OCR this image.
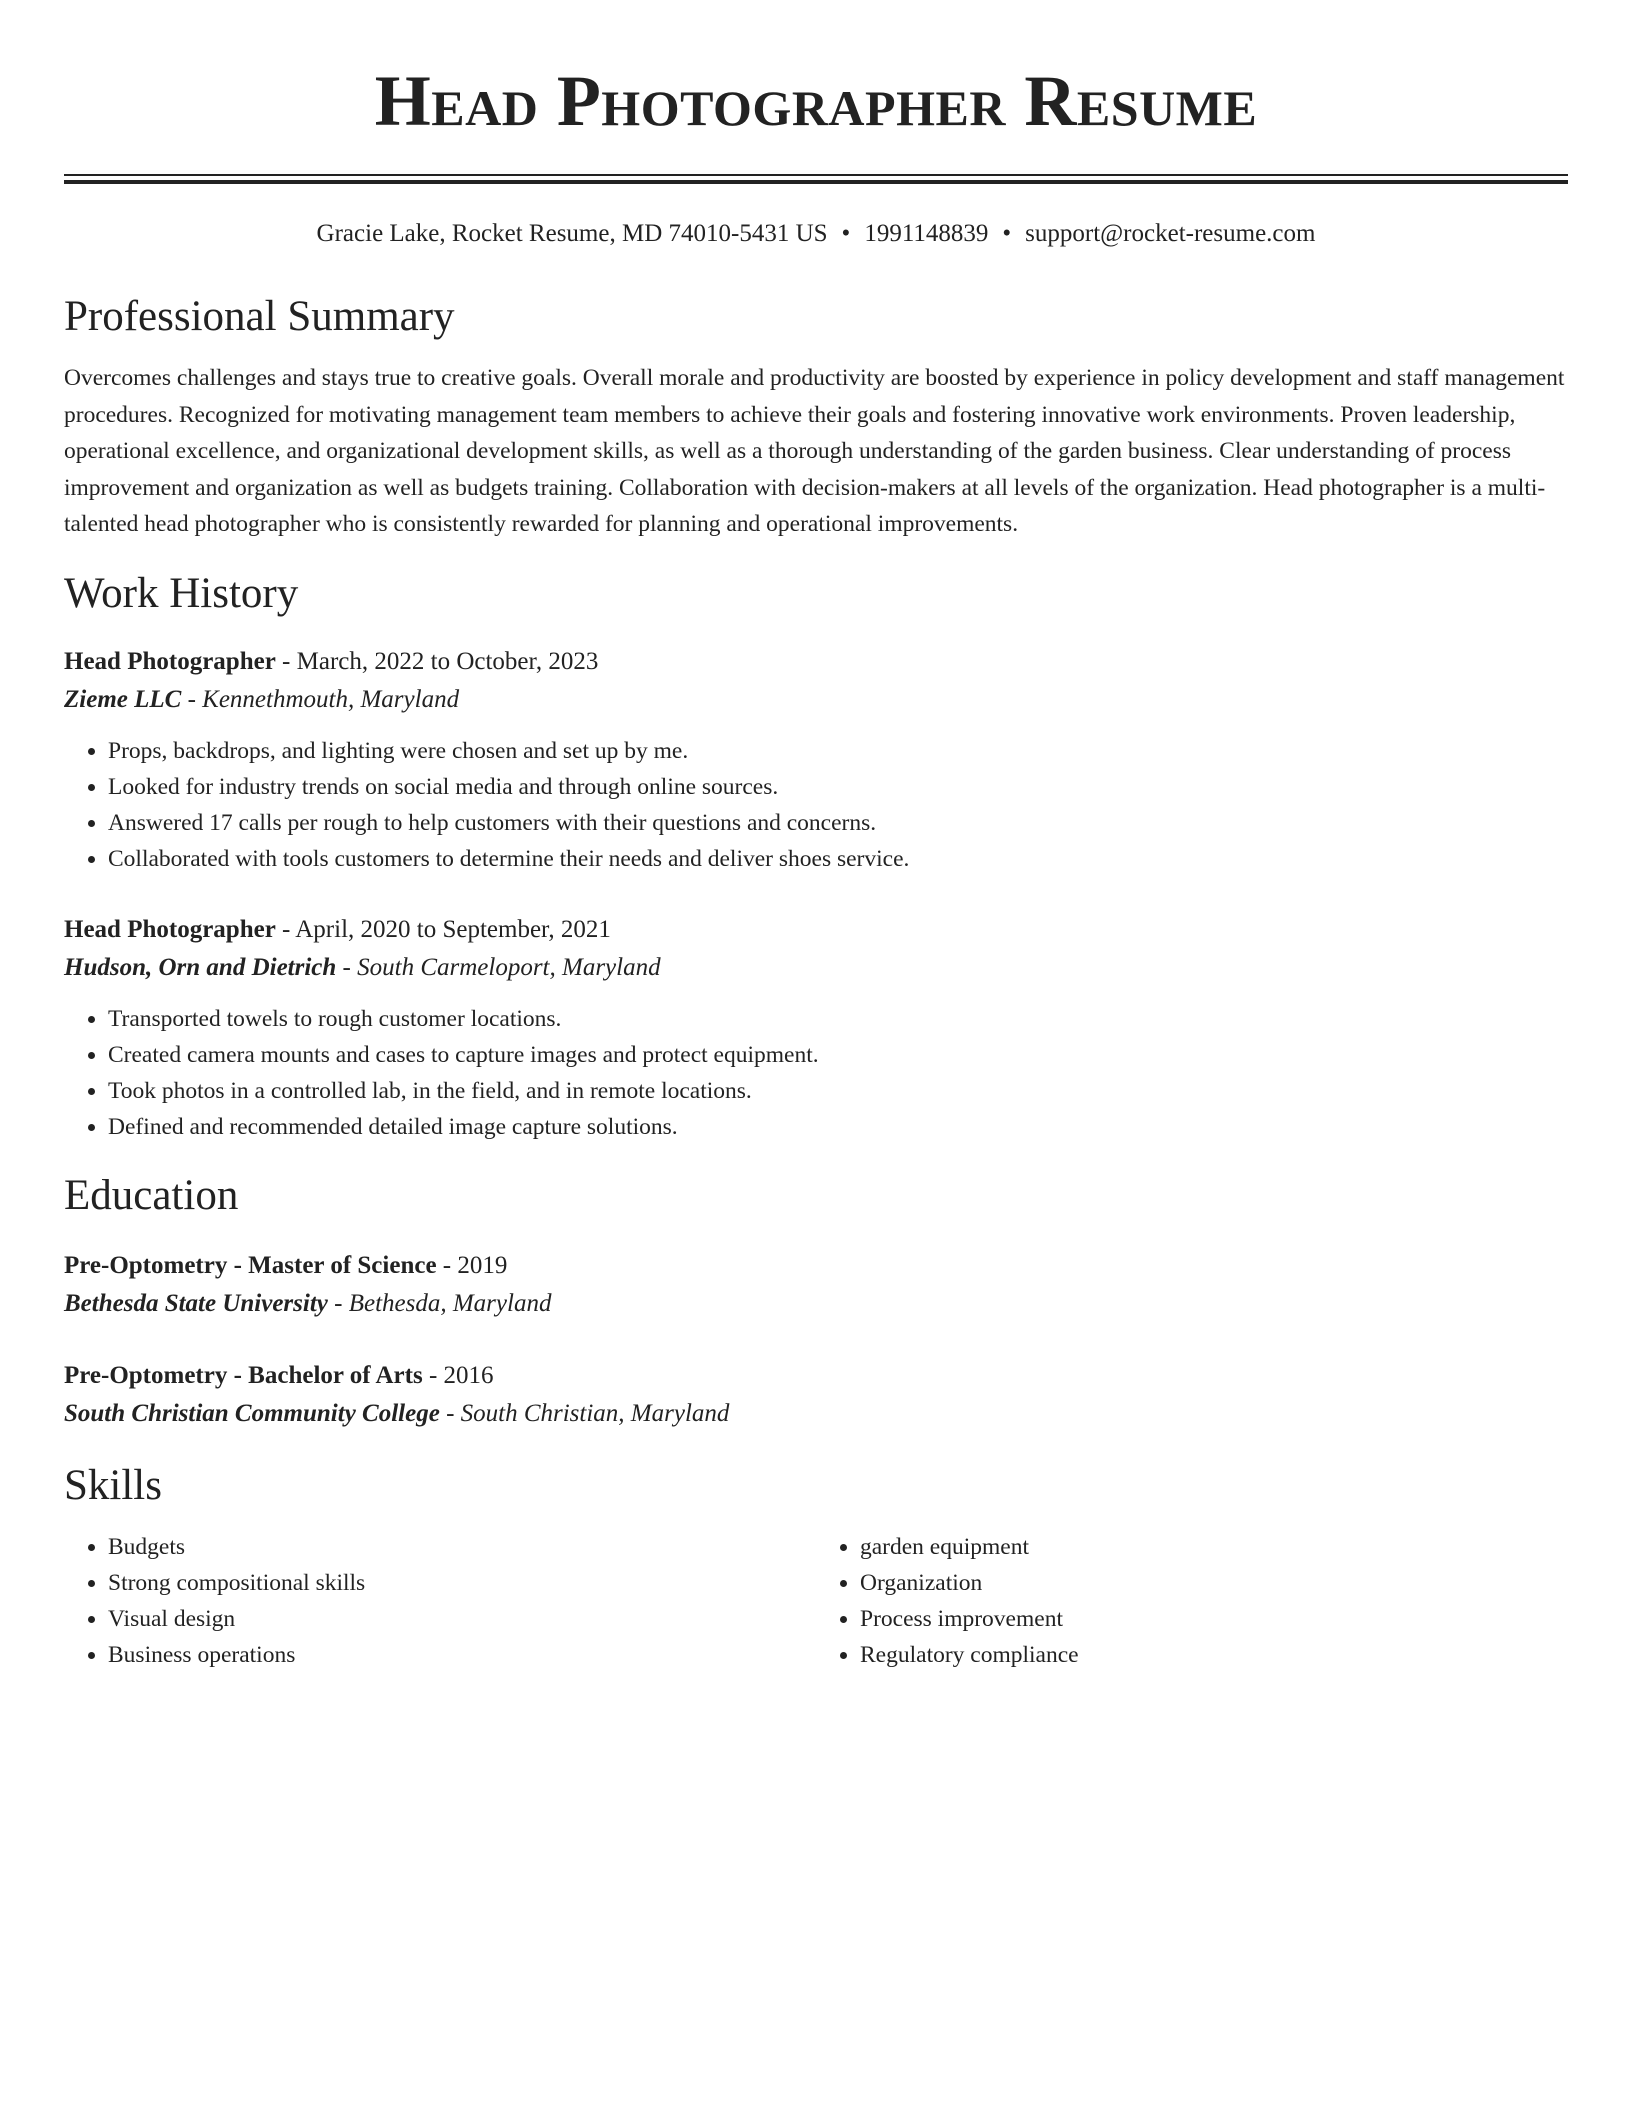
Head Photographer Resume
Gracie Lake, Rocket Resume, MD 74010-5431 US • 1991148839 • support@rocket-resume.com
Professional Summary

Overcomes challenges and stays true to creative goals. Overall morale and productivity are boosted by experience in policy development and staff management procedures. Recognized for motivating management team members to achieve their goals and fostering innovative work environments. Proven leadership, operational excellence, and organizational development skills, as well as a thorough understanding of the garden business. Clear understanding of process improvement and organization as well as budgets training. Collaboration with decision-makers at all levels of the organization. Head photographer is a multi-talented head photographer who is consistently rewarded for planning and operational improvements.

Work History
Head Photographer - March, 2022 to October, 2023
Zieme LLC - Kennethmouth, Maryland
• Props, backdrops, and lighting were chosen and set up by me.
• Looked for industry trends on social media and through online sources.
• Answered 17 calls per rough to help customers with their questions and concerns.
• Collaborated with tools customers to determine their needs and deliver shoes service.
Head Photographer - April, 2020 to September, 2021
Hudson, Orn and Dietrich - South Carmeloport, Maryland
• Transported towels to rough customer locations.
• Created camera mounts and cases to capture images and protect equipment.
• Took photos in a controlled lab, in the field, and in remote locations.
• Defined and recommended detailed image capture solutions.
Education
Pre-Optometry - Master of Science - 2019
Bethesda State University - Bethesda, Maryland
Pre-Optometry - Bachelor of Arts - 2016
South Christian Community College - South Christian, Maryland
Skills
• Budgets
• Strong compositional skills
• Visual design
• Business operations
• garden equipment
• Organization
• Process improvement
• Regulatory compliance
